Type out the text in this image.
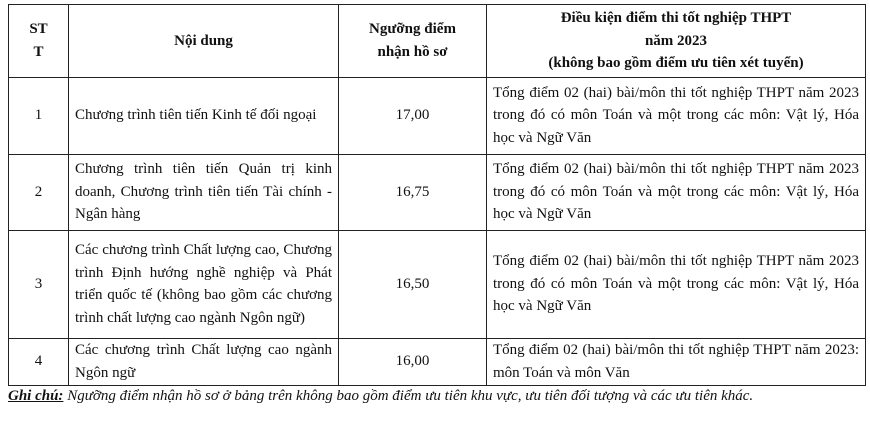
ST T	Nội dung	Ngưỡng điểm nhận hồ sơ	Điều kiện điểm thi tốt nghiệp THPT
năm 2023
(không bao gồm điểm ưu tiên xét tuyển)

1	Chương trình tiên tiến Kinh tế đối ngoại	17,00	Tổng điểm 02 (hai) bài/môn thi tốt nghiệp THPT năm 2023 trong đó có môn Toán và một trong các môn: Vật lý, Hóa học và Ngữ Văn
2	Chương trình tiên tiến Quản trị kinh doanh, Chương trình tiên tiến Tài chính - Ngân hàng	16,75	Tổng điểm 02 (hai) bài/môn thi tốt nghiệp THPT năm 2023 trong đó có môn Toán và một trong các môn: Vật lý, Hóa học và Ngữ Văn
3	Các chương trình Chất lượng cao, Chương trình Định hướng nghề nghiệp và Phát triển quốc tế (không bao gồm các chương trình chất lượng cao ngành Ngôn ngữ)	16,50	Tổng điểm 02 (hai) bài/môn thi tốt nghiệp THPT năm 2023 trong đó có môn Toán và một trong các môn: Vật lý, Hóa học và Ngữ Văn
4	Các chương trình Chất lượng cao ngành Ngôn ngữ	16,00	Tổng điểm 02 (hai) bài/môn thi tốt nghiệp THPT năm 2023: môn Toán và môn Văn
Ghi chú: Ngưỡng điểm nhận hồ sơ ở bảng trên không bao gồm điểm ưu tiên khu vực, ưu tiên đối tượng và các ưu tiên khác.
